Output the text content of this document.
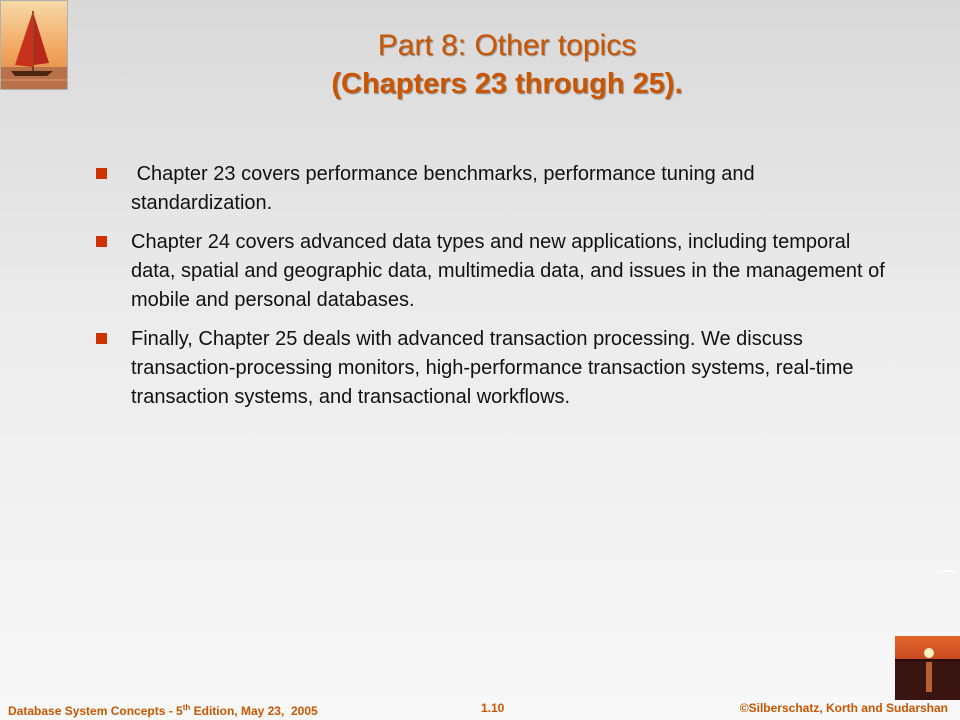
Part 8: Other topics
(Chapters 23 through 25).
Chapter 23 covers performance benchmarks, performance tuning and standardization.
Chapter 24 covers advanced data types and new applications, including temporal data, spatial and geographic data, multimedia data, and issues in the management of mobile and personal databases.
Finally, Chapter 25 deals with advanced transaction processing. We discuss transaction-processing monitors, high-performance transaction systems, real-time transaction systems, and transactional workflows.
Database System Concepts - 5th Edition, May 23,  2005	1.10	©Silberschatz, Korth and Sudarshan
